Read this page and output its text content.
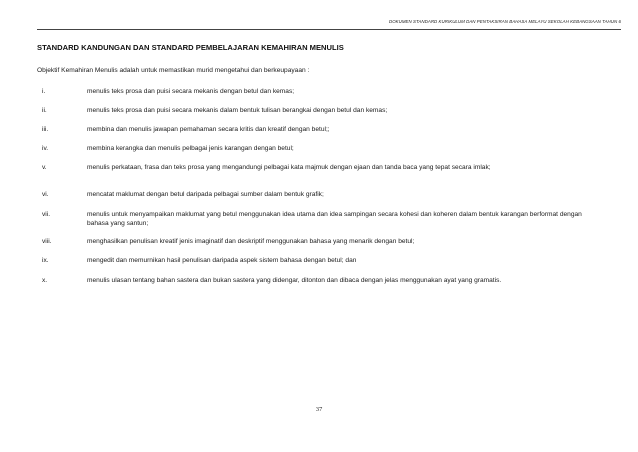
DOKUMEN STANDARD KURIKULUM DAN PENTAKSIRAN BAHASA MELAYU SEKOLAH KEBANGSAAN TAHUN 6
STANDARD KANDUNGAN DAN STANDARD PEMBELAJARAN KEMAHIRAN MENULIS
Objektif Kemahiran Menulis adalah untuk memastikan murid mengetahui dan berkeupayaan :
i.	menulis teks prosa dan puisi secara mekanis dengan betul dan kemas;
ii.	menulis teks prosa dan puisi secara mekanis dalam bentuk tulisan berangkai dengan betul dan kemas;
iii.	membina dan menulis jawapan pemahaman secara kritis dan kreatif dengan betul;;
iv.	membina kerangka dan menulis pelbagai jenis karangan dengan betul;
v.	menulis perkataan, frasa dan teks prosa yang mengandungi pelbagai kata majmuk dengan ejaan dan tanda baca yang tepat secara imlak;
vi.	mencatat maklumat dengan betul daripada pelbagai sumber dalam bentuk grafik;
vii.	menulis untuk menyampaikan maklumat yang betul menggunakan idea utama dan idea sampingan secara kohesi dan koheren dalam bentuk karangan berformat dengan bahasa yang santun;
viii.	menghasilkan penulisan kreatif jenis imaginatif dan deskriptif menggunakan bahasa yang menarik dengan betul;
ix.	mengedit dan memurnikan hasil penulisan daripada aspek sistem bahasa dengan betul; dan
x.	menulis ulasan tentang bahan sastera dan bukan sastera yang didengar, ditonton dan dibaca dengan jelas menggunakan ayat yang gramatis.
37
